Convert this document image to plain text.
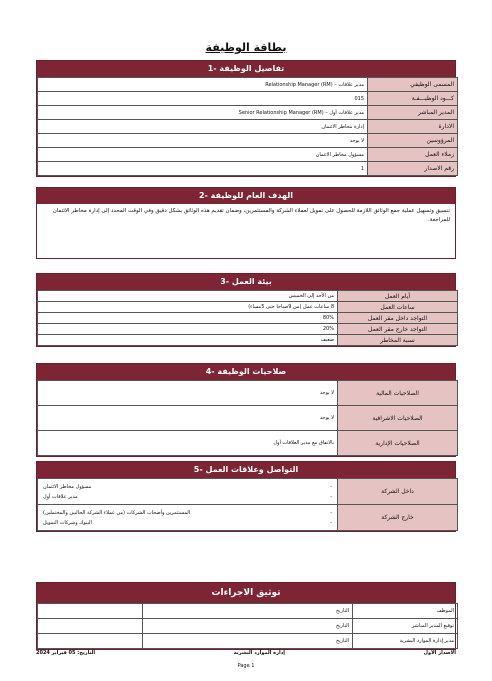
بطاقة الوظيفة
1- تفاصيل الوظيفة
مدير علاقات – Relationship Manager (RM)	المسمى الوظيفي
015	كـــود الوظيـــفـة
مدير علاقات أول – Senior Relationship Manager (RM)	المدير المباشر
إدارة مخاطر الائتمان	الادارة
لا يوجد	المرؤوسين
مسؤول مخاطر الائتمان	زملاء العمل
1	رقم الاصدار
2- الهدف العام للوظيفة
تنسيق وتسهيل عملية جمع الوثائق اللازمة للحصول على تمويل لعملاء الشركة والمستثمرين، وضمان تقديم هذه الوثائق بشكل دقيق وفي الوقت المحدد إلى إدارة مخاطر الائتمان للمراجعة.
3- بيئة العمل
من الأحد إلى الخميس	أيام العمل
8 ساعات عمل (من 9صباحا حتى 5مساء)	ساعات العمل
80%	التواجد داخل مقر العمل
20%	التواجد خارج مقر العمل
ضعيف	نسبة المخاطر
4- صلاحيات الوظيفة
لا يوجد	الصلاحيات المالية
لا يوجد	الصلاحيات الاشرافية
بالاتفاق مع مدير العلاقات أول	الصلاحيات الإدارية
5- التواصل وعلاقات العمل
-
مسؤول مخاطر الائتمان
-
مدير علاقات أول	داخل الشركة

-
المستثمرين وأصحاب الشركات (من عملاء الشركة الحاليين والمحتملين)
-
البنوك وشركات التمويل	خارج الشركة
توثيق الاجراءات
	التاريخ	الموظف
	التاريخ	توقيع المدير المباشر
	التاريخ	مدير إدارة الموارد البشرية
الاصدار الأول
إدارة الموارد البشرية
التاريخ: 05 فبراير 2024
Page 1
